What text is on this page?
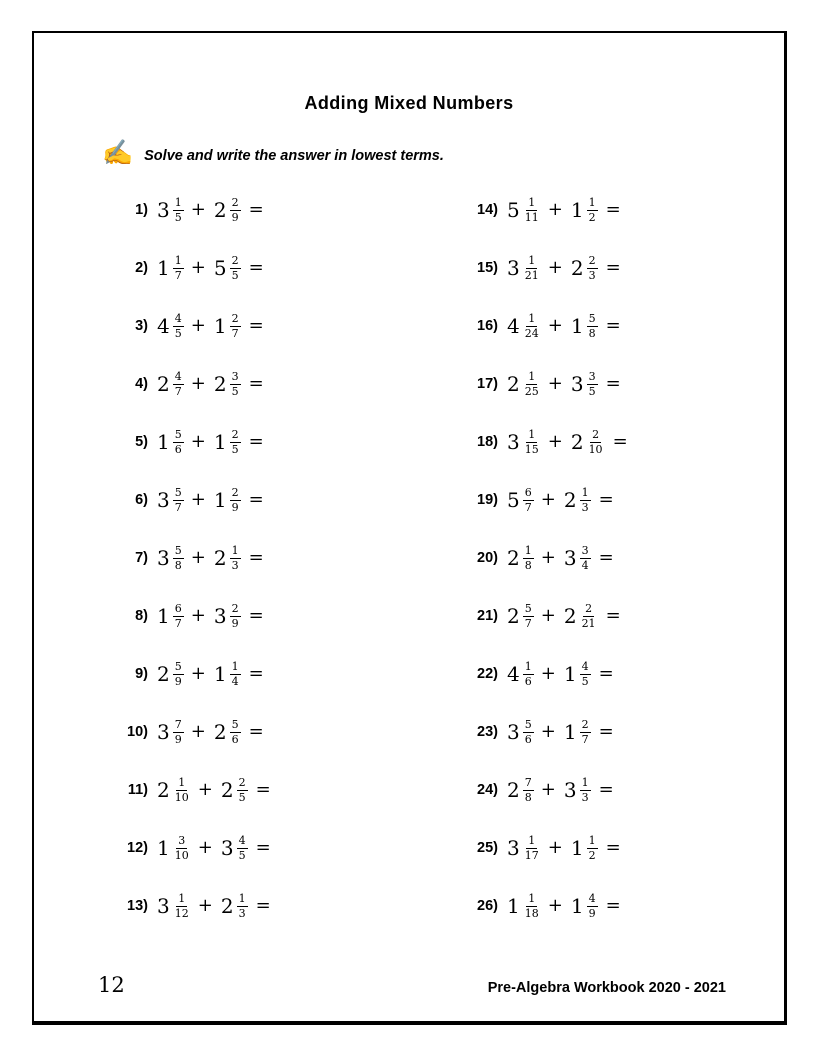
Adding Mixed Numbers
✍ Solve and write the answer in lowest terms.
1) $3 \frac{1}{5} + 2 \frac{2}{9}$ =
2) $1 \frac{1}{7} + 5 \frac{2}{5}$ =
3) $4 \frac{4}{5} + 1 \frac{2}{7}$ =
4) $2 \frac{4}{7} + 2 \frac{3}{5}$ =
5) $1 \frac{5}{6} + 1 \frac{2}{5}$ =
6) $3 \frac{5}{7} + 1 \frac{2}{9}$ =
7) $3 \frac{5}{8} + 2 \frac{1}{3}$ =
8) $1 \frac{6}{7} + 3 \frac{2}{9}$ =
9) $2 \frac{5}{9} + 1 \frac{1}{4}$ =
10) $3 \frac{7}{9} + 2 \frac{5}{6}$ =
11) $2 \frac{1}{10} + 2 \frac{2}{5}$ =
12) $1 \frac{3}{10} + 3 \frac{4}{5}$ =
13) $3 \frac{1}{12} + 2 \frac{1}{3}$ =
14) $5 \frac{1}{11} + 1 \frac{1}{2}$ =
15) $3 \frac{1}{21} + 2 \frac{2}{3}$ =
16) $4 \frac{1}{24} + 1 \frac{5}{8}$ =
17) $2 \frac{1}{25} + 3 \frac{3}{5}$ =
18) $3 \frac{1}{15} + 2 \frac{2}{10}$ =
19) $5 \frac{6}{7} + 2 \frac{1}{3}$ =
20) $2 \frac{1}{8} + 3 \frac{3}{4}$ =
21) $2 \frac{5}{7} + 2 \frac{2}{21}$ =
22) $4 \frac{1}{6} + 1 \frac{4}{5}$ =
23) $3 \frac{5}{6} + 1 \frac{2}{7}$ =
24) $2 \frac{7}{8} + 3 \frac{1}{3}$ =
25) $3 \frac{1}{17} + 1 \frac{1}{2}$ =
26) $1 \frac{1}{18} + 1 \frac{4}{9}$ =
12	Pre-Algebra Workbook 2020 - 2021
